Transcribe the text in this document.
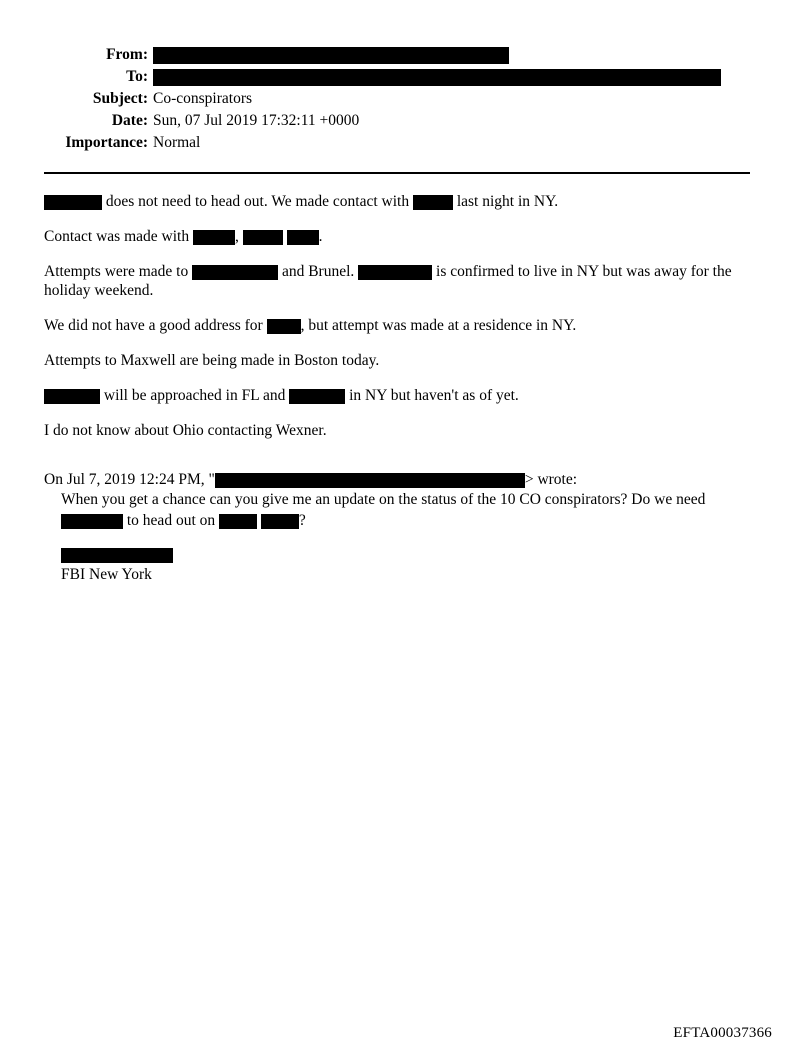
From:	
To:	
Subject:	Co-conspirators
Date:	Sun, 07 Jul 2019 17:32:11 +0000
Importance:	Normal
does not need to head out. We made contact with	last night in NY.
Contact was made with	,	.
Attempts were made to	and Brunel.	is confirmed to live in NY but was away for the holiday weekend.
We did not have a good address for , but attempt was made at a residence in NY.
Attempts to Maxwell are being made in Boston today.
will be approached in FL and	in NY but haven't as of yet.
I do not know about Ohio contacting Wexner.
On Jul 7, 2019 12:24 PM, "	> wrote:
When you get a chance can you give me an update on the status of the 10 CO conspirators? Do we need
to head out on	?
FBI New York
EFTA00037366
